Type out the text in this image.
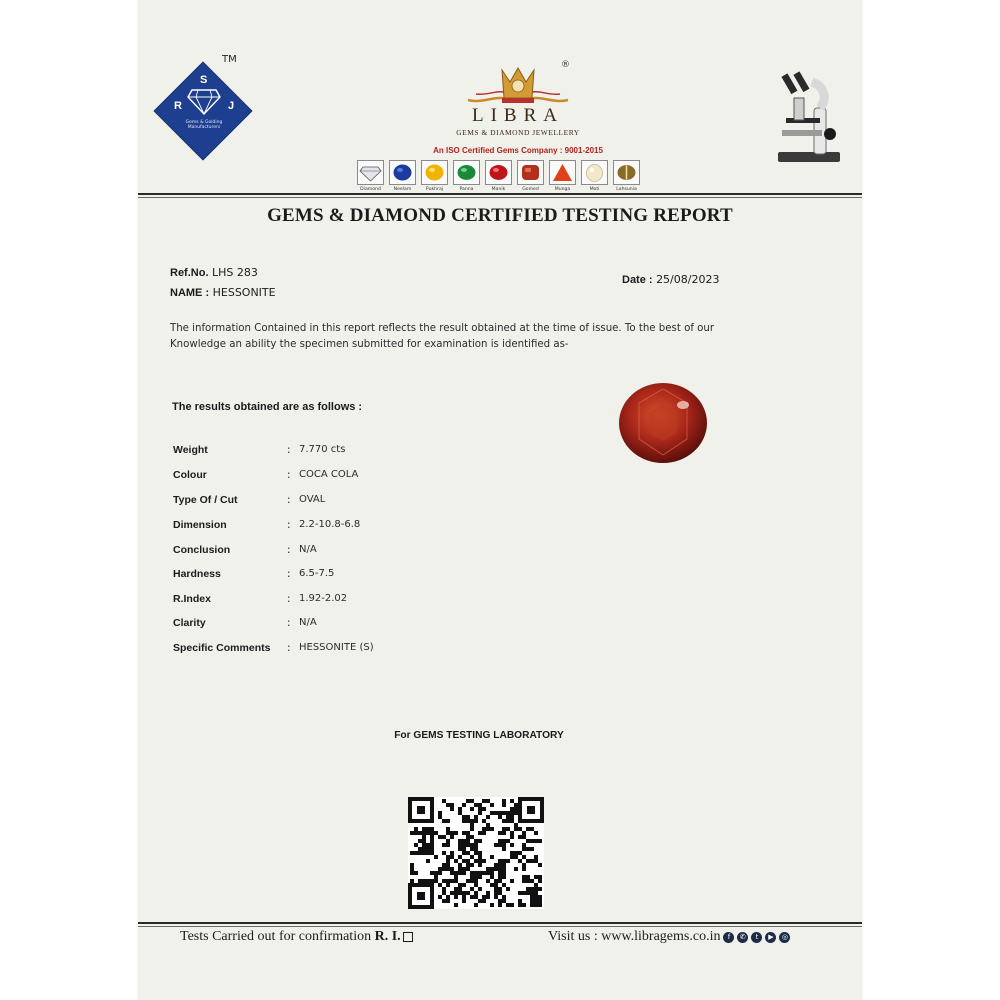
TM
S
R	J
Gems & Golding Manufacturers
®
LIBRA
GEMS & DIAMOND JEWELLERY
An ISO Certified Gems Company : 9001-2015
Diamond	Neelam	Pukhraj	Panna	Manik	Gomed	Munga	Moti	Lahsunia
GEMS & DIAMOND CERTIFIED TESTING REPORT
Ref.No. LHS 283
NAME : HESSONITE
Date : 25/08/2023
The information Contained in this report reflects the result obtained at the time of issue. To the best of our Knowledge an ability the specimen submitted for examination is identified as-
The results obtained are as follows :
Weight	: 7.770 cts
Colour	: COCA COLA
Type Of / Cut	: OVAL
Dimension	: 2.2-10.8-6.8
Conclusion	: N/A
Hardness	: 6.5-7.5
R.Index	: 1.92-2.02
Clarity	: N/A
Specific Comments : HESSONITE (S)
For GEMS TESTING LABORATORY
Tests Carried out for confirmation R. I.	Visit us : www.libragems.co.in	f	✆	t	▶	◎
